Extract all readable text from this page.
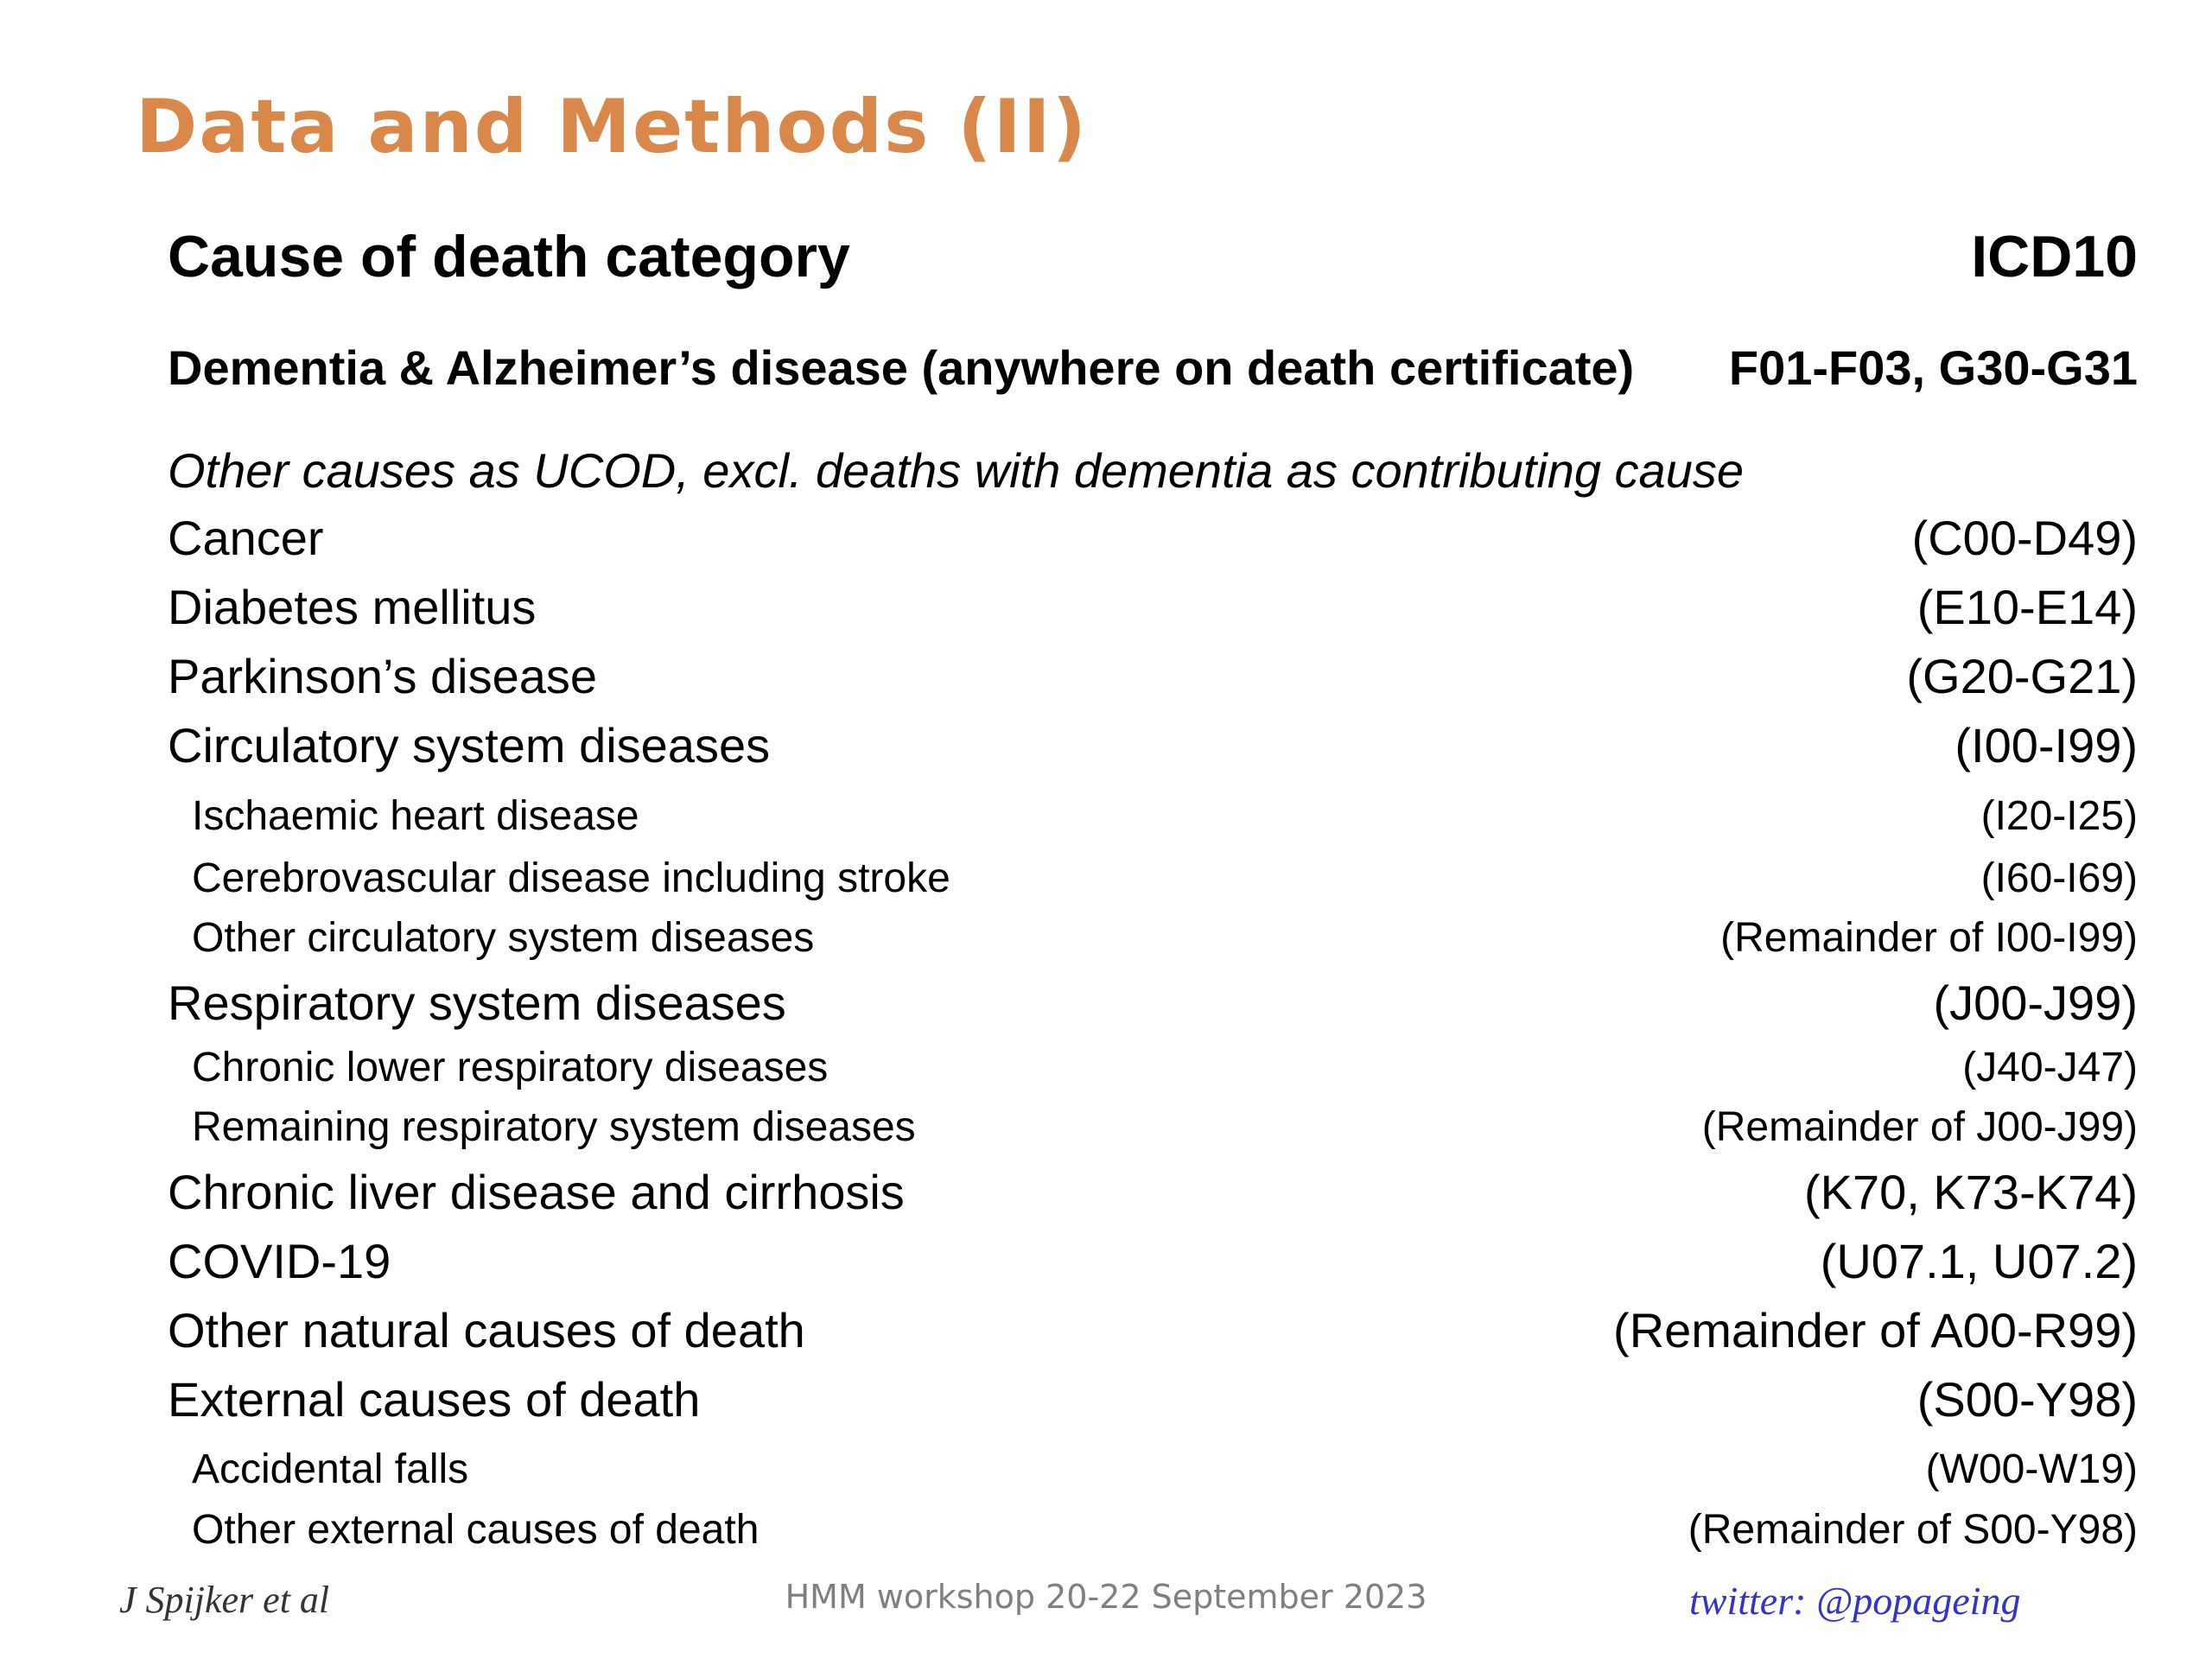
Data and Methods (II)
Cause of death category	ICD10
Dementia & Alzheimer’s disease (anywhere on death certificate) F01-F03, G30-G31
Other causes as UCOD, excl. deaths with dementia as contributing cause
Cancer	(C00-D49)
Diabetes mellitus	(E10-E14)
Parkinson’s disease	(G20-G21)
Circulatory system diseases	(I00-I99)
Ischaemic heart disease	(I20-I25)
Cerebrovascular disease including stroke	(I60-I69)
Other circulatory system diseases	(Remainder of I00-I99)
Respiratory system diseases	(J00-J99)
Chronic lower respiratory diseases	(J40-J47)
Remaining respiratory system diseases	(Remainder of J00-J99)
Chronic liver disease and cirrhosis	(K70, K73-K74)
COVID-19	(U07.1, U07.2)
Other natural causes of death	(Remainder of A00-R99)
External causes of death	(S00-Y98)
Accidental falls	(W00-W19)
Other external causes of death	(Remainder of S00-Y98)
J Spijker et al	HMM workshop 20-22 September 2023	twitter: @popageing
